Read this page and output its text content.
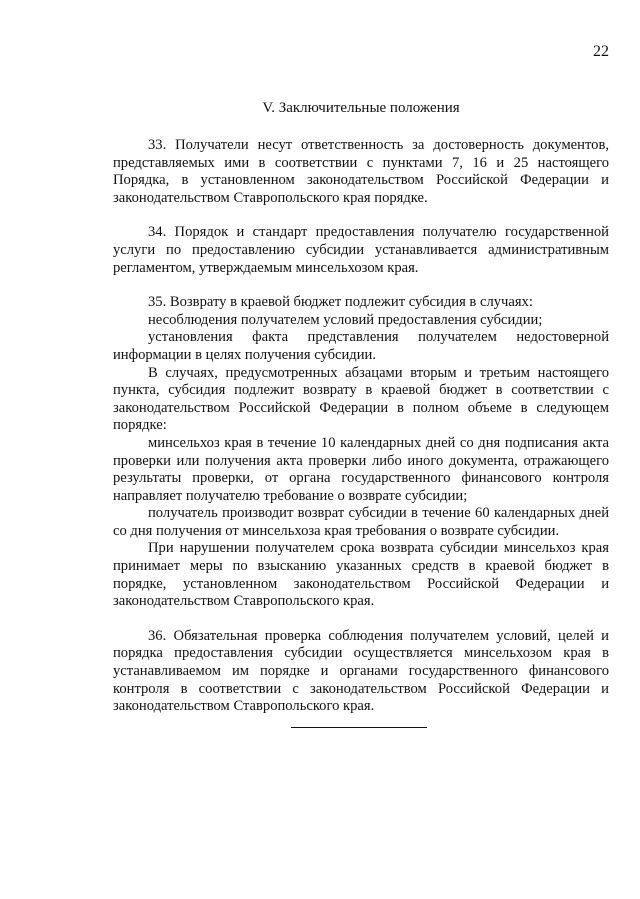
22
V. Заключительные положения

33. Получатели несут ответственность за достоверность документов, представляемых ими в соответствии с пунктами 7, 16 и 25 настоящего Порядка, в установленном законодательством Российской Федерации и законодательством Ставропольского края порядке.

34. Порядок и стандарт предоставления получателю государственной услуги по предоставлению субсидии устанавливается административным регламентом, утверждаемым минсельхозом края.

35. Возврату в краевой бюджет подлежит субсидия в случаях:

несоблюдения получателем условий предоставления субсидии;

установления факта представления получателем недостоверной информации в целях получения субсидии.

В случаях, предусмотренных абзацами вторым и третьим настоящего пункта, субсидия подлежит возврату в краевой бюджет в соответствии с законодательством Российской Федерации в полном объеме в следующем порядке:

минсельхоз края в течение 10 календарных дней со дня подписания акта проверки или получения акта проверки либо иного документа, отражающего результаты проверки, от органа государственного финансового контроля направляет получателю требование о возврате субсидии;

получатель производит возврат субсидии в течение 60 календарных дней со дня получения от минсельхоза края требования о возврате субсидии.

При нарушении получателем срока возврата субсидии минсельхоз края принимает меры по взысканию указанных средств в краевой бюджет в порядке, установленном законодательством Российской Федерации и законодательством Ставропольского края.

36. Обязательная проверка соблюдения получателем условий, целей и порядка предоставления субсидии осуществляется минсельхозом края в устанавливаемом им порядке и органами государственного финансового контроля в соответствии с законодательством Российской Федерации и законодательством Ставропольского края.
